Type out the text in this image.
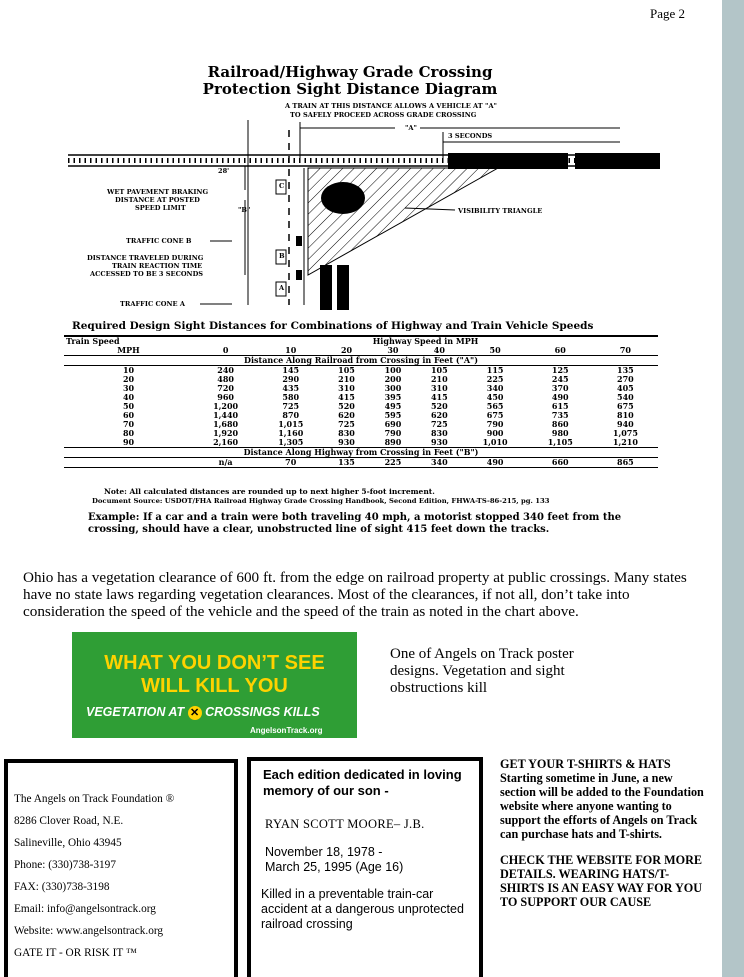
Page 2
Railroad/Highway Grade Crossing
Protection Sight Distance Diagram
A TRAIN AT THIS DISTANCE ALLOWS A VEHICLE AT "A"
TO SAFELY PROCEED ACROSS GRADE CROSSING
"A"
3 SECONDS
VISIBILITY TRIANGLE
28'
WET PAVEMENT BRAKING
DISTANCE AT POSTED
SPEED LIMIT	"B"
C
TRAFFIC CONE B
DISTANCE TRAVELED DURING
TRAIN REACTION TIME
ACCESSED TO BE 3 SECONDS
B
A
TRAFFIC CONE A
Required Design Sight Distances for Combinations of Highway and Train Vehicle Speeds
Train Speed	Highway Speed in MPH							
MPH	0	10	20	30	40	50	60	70
Distance Along Railroad from Crossing in Feet ("A")								
10	240	145	105	100	105	115	125	135
20	480	290	210	200	210	225	245	270
30	720	435	310	300	310	340	370	405
40	960	580	415	395	415	450	490	540
50	1,200	725	520	495	520	565	615	675
60	1,440	870	620	595	620	675	735	810
70	1,680	1,015	725	690	725	790	860	940
80	1,920	1,160	830	790	830	900	980	1,075
90	2,160	1,305	930	890	930	1,010	1,105	1,210
Distance Along Highway from Crossing in Feet ("B")								
	n/a	70	135	225	340	490	660	865
Note: All calculated distances are rounded up to next higher 5-foot increment.
Document Source: USDOT/FHA Railroad Highway Grade Crossing Handbook, Second Edition, FHWA-TS-86-215, pg. 133
Example: If a car and a train were both traveling 40 mph, a motorist stopped 340 feet from the crossing, should have a clear, unobstructed line of sight 415 feet down the tracks.
Ohio has a vegetation clearance of 600 ft. from the edge on railroad property at public crossings. Many states have no state laws regarding vegetation clearances. Most of the clearances, if not all, don’t take into consideration the speed of the vehicle and the speed of the train as noted in the chart above.
WHAT YOU DON’T SEE
WILL KILL YOU
VEGETATION AT ✕ CROSSINGS KILLS
AngelsonTrack.org
One of Angels on Track poster designs. Vegetation and sight obstructions kill

The Angels on Track Foundation ®

8286 Clover Road, N.E.

Salineville, Ohio 43945

Phone: (330)738-3197

FAX: (330)738-3198

Email: info@angelsontrack.org

Website: www.angelsontrack.org

GATE IT - OR RISK IT ™

Each edition dedicated in loving memory of our son -
RYAN SCOTT MOORE– J.B.
November 18, 1978 -
March 25, 1995 (Age 16)
Killed in a preventable train-car accident at a dangerous unprotected railroad crossing

GET YOUR T-SHIRTS & HATS Starting sometime in June, a new section will be added to the Foundation website where anyone wanting to support the efforts of Angels on Track can purchase hats and T-shirts.

CHECK THE WEBSITE FOR MORE DETAILS. WEARING HATS/T-SHIRTS IS AN EASY WAY FOR YOU TO SUPPORT OUR CAUSE
